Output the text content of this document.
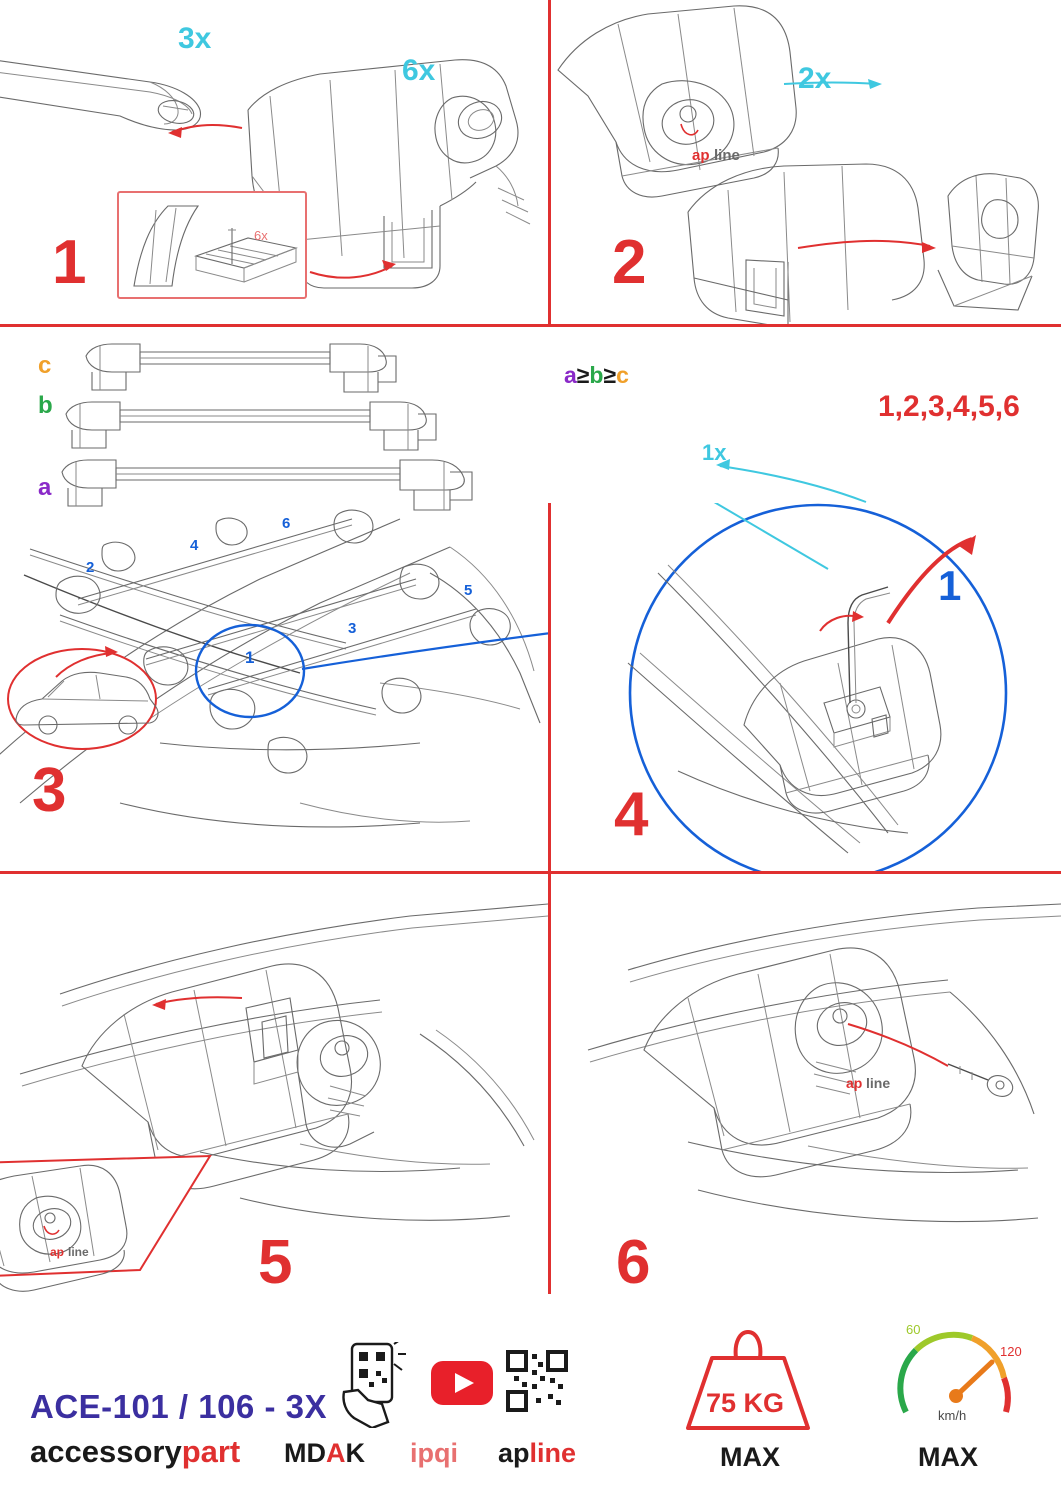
6x
3x
6x
1
ap line
2x
2
c
b
a
a≥b≥c
2
4
6
3
5
1
3
1x
1,2,3,4,5,6
1
4
ap line	5
ap line
6
ACE-101 / 106 - 3X
accessorypart MDAK ipqi apline
75 KG
MAX
60
120
km/h
MAX
